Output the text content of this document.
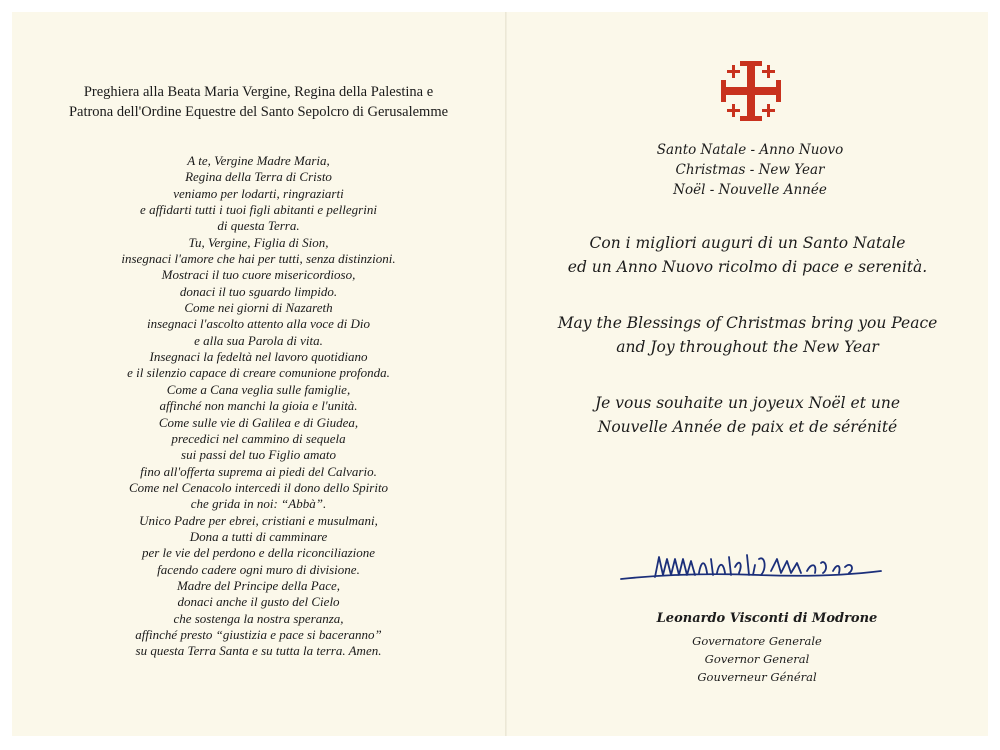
Preghiera alla Beata Maria Vergine, Regina della Palestina e
Patrona dell'Ordine Equestre del Santo Sepolcro di Gerusalemme
A te, Vergine Madre Maria,
Regina della Terra di Cristo
veniamo per lodarti, ringraziarti
e affidarti tutti i tuoi figli abitanti e pellegrini
di questa Terra.
Tu, Vergine, Figlia di Sion,
insegnaci l'amore che hai per tutti, senza distinzioni.
Mostraci il tuo cuore misericordioso,
donaci il tuo sguardo limpido.
Come nei giorni di Nazareth
insegnaci l'ascolto attento alla voce di Dio
e alla sua Parola di vita.
Insegnaci la fedeltà nel lavoro quotidiano
e il silenzio capace di creare comunione profonda.
Come a Cana veglia sulle famiglie,
affinché non manchi la gioia e l'unità.
Come sulle vie di Galilea e di Giudea,
precedici nel cammino di sequela
sui passi del tuo Figlio amato
fino all'offerta suprema ai piedi del Calvario.
Come nel Cenacolo intercedi il dono dello Spirito
che grida in noi: “Abbà”.
Unico Padre per ebrei, cristiani e musulmani,
Dona a tutti di camminare
per le vie del perdono e della riconciliazione
facendo cadere ogni muro di divisione.
Madre del Principe della Pace,
donaci anche il gusto del Cielo
che sostenga la nostra speranza,
affinché presto “giustizia e pace si baceranno”
su questa Terra Santa e su tutta la terra. Amen.
Santo Natale - Anno Nuovo
Christmas - New Year
Noël - Nouvelle Année
Con i migliori auguri di un Santo Natale
ed un Anno Nuovo ricolmo di pace e serenità.
May the Blessings of Christmas bring you Peace
and Joy throughout the New Year
Je vous souhaite un joyeux Noël et une
Nouvelle Année de paix et de sérénité
Leonardo Visconti di Modrone
Governatore Generale
Governor General
Gouverneur Général
